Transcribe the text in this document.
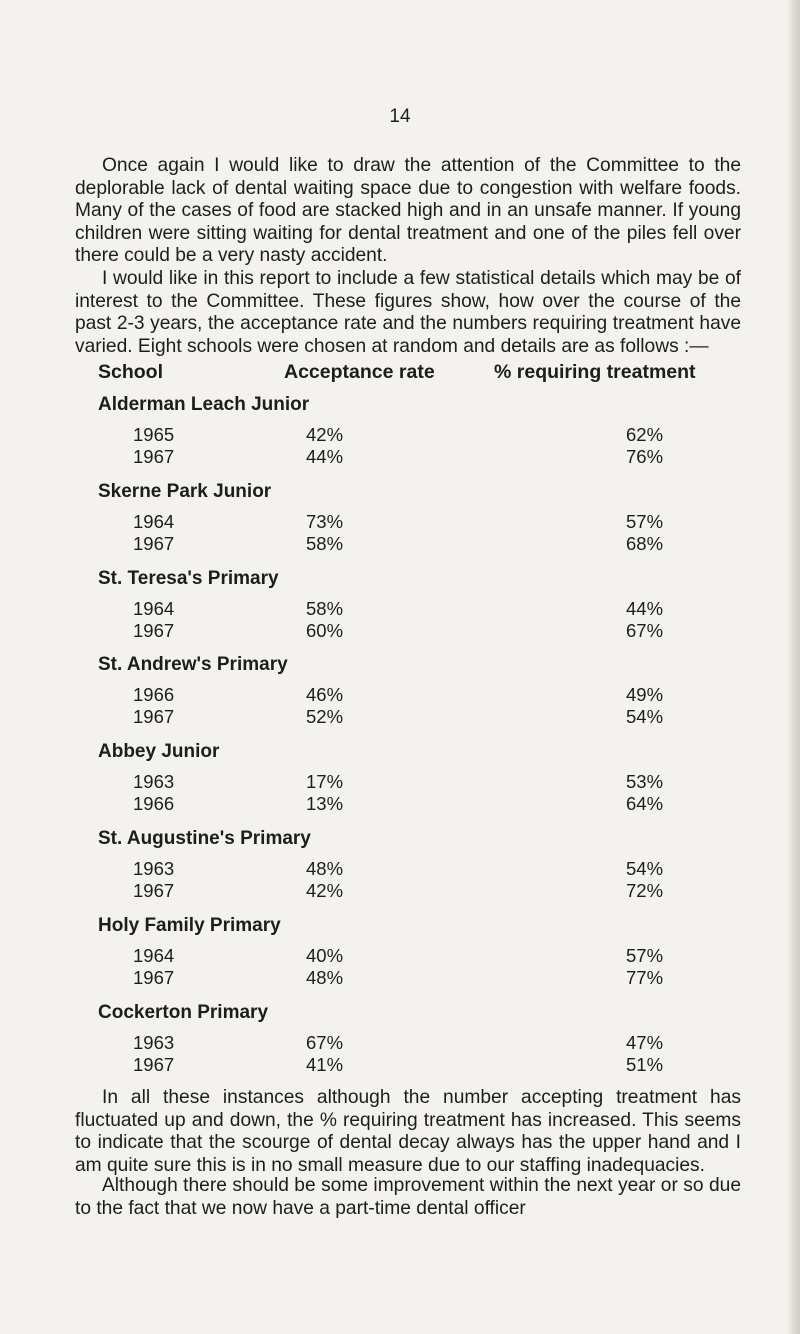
14

Once again I would like to draw the attention of the Committee to the deplorable lack of dental waiting space due to congestion with welfare foods. Many of the cases of food are stacked high and in an unsafe manner. If young children were sitting waiting for dental treatment and one of the piles fell over there could be a very nasty accident.

I would like in this report to include a few statistical details which may be of interest to the Committee. These figures show, how over the course of the past 2-3 years, the acceptance rate and the numbers requiring treatment have varied. Eight schools were chosen at random and details are as follows :—

School	Acceptance rate	% requiring treatment
Alderman Leach Junior
1965	42%	62%
1967	44%	76%
Skerne Park Junior
1964	73%	57%
1967	58%	68%
St. Teresa's Primary
1964	58%	44%
1967	60%	67%
St. Andrew's Primary
1966	46%	49%
1967	52%	54%
Abbey Junior
1963	17%	53%
1966	13%	64%
St. Augustine's Primary
1963	48%	54%
1967	42%	72%
Holy Family Primary
1964	40%	57%
1967	48%	77%
Cockerton Primary
1963	67%	47%
1967	41%	51%

In all these instances although the number accepting treatment has fluctuated up and down, the % requiring treatment has increased. This seems to indicate that the scourge of dental decay always has the upper hand and I am quite sure this is in no small measure due to our staffing inadequacies.

Although there should be some improvement within the next year or so due to the fact that we now have a part-time dental officer
